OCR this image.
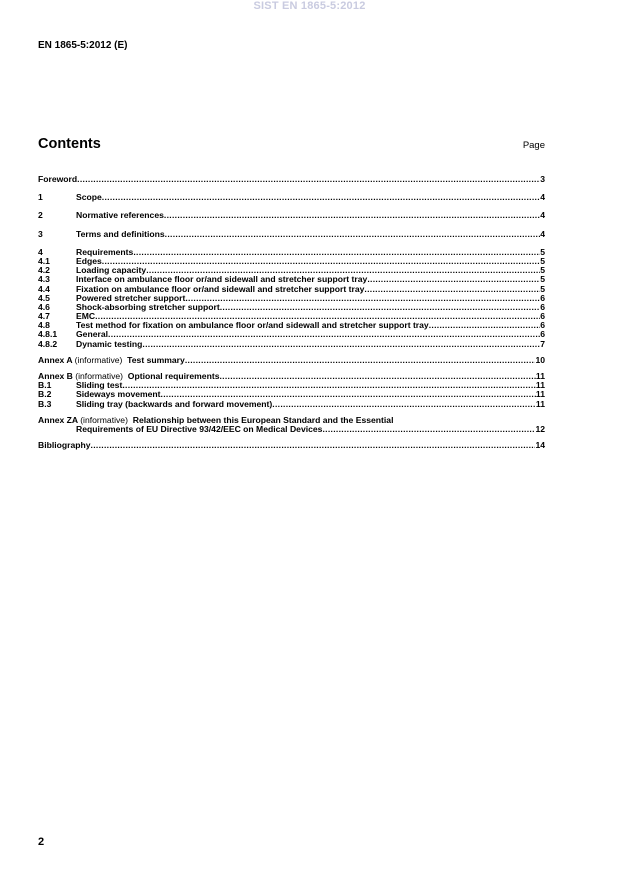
SIST EN 1865-5:2012
EN 1865-5:2012 (E)
Contents	Page
Foreword .....	3
1	Scope .....	4
2	Normative references .....	4
3	Terms and definitions .....	4
4	Requirements .....	5
4.1	Edges .....	5
4.2	Loading capacity .....	5
4.3	Interface on ambulance floor or/and sidewall and stretcher support tray .....	5
4.4	Fixation on ambulance floor or/and sidewall and stretcher support tray .....	5
4.5	Powered stretcher support .....	6
4.6	Shock-absorbing stretcher support .....	6
4.7	EMC .....	6
4.8	Test method for fixation on ambulance floor or/and sidewall and stretcher support tray .....	6
4.8.1	General .....	6
4.8.2	Dynamic testing .....	7
Annex A (informative) Test summary .....	10
Annex B (informative) Optional requirements .....	11
B.1	Sliding test .....	11
B.2	Sideways movement .....	11
B.3	Sliding tray (backwards and forward movement) .....	11
Annex ZA (informative) Relationship between this European Standard and the Essential
Requirements of EU Directive 93/42/EEC on Medical Devices .....	12
Bibliography .....	14
2
